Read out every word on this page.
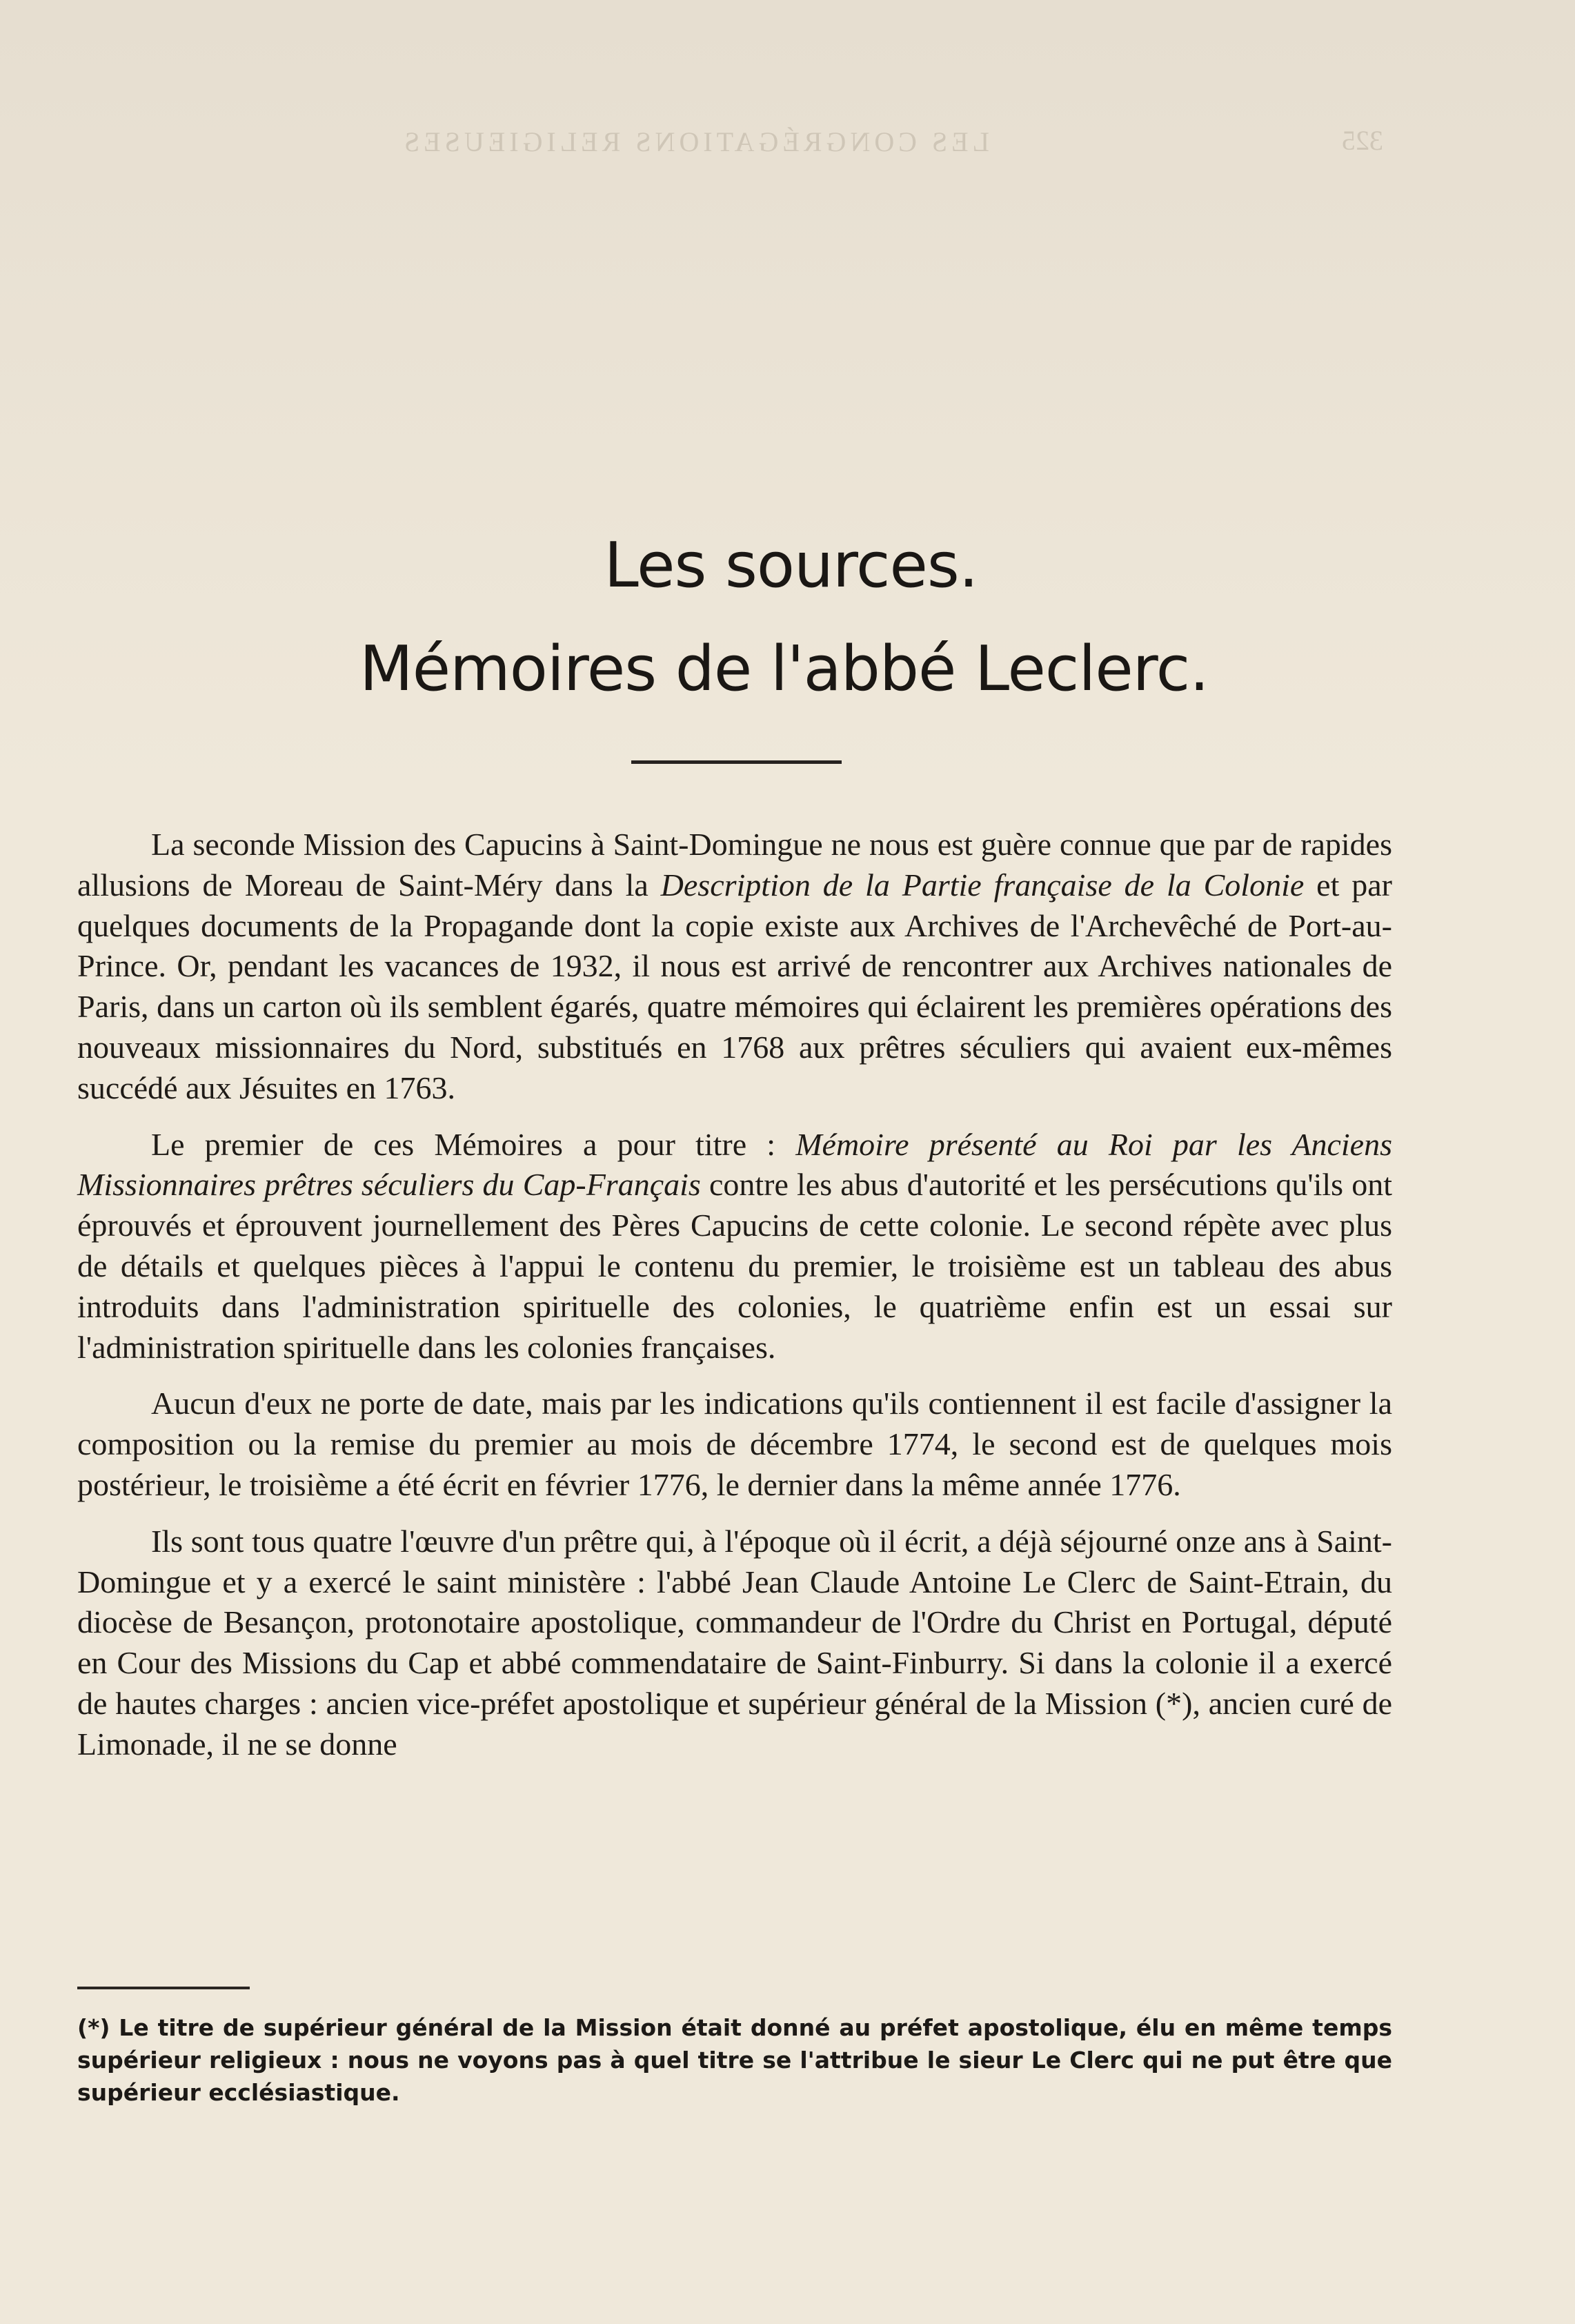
LES CONGRÉGATIONS RELIGIEUSES	325
Les sources.
Mémoires de l'abbé Leclerc.

La seconde Mission des Capucins à Saint-Domingue ne nous est guère connue que par de rapides allusions de Moreau de Saint-Méry dans la Description de la Partie française de la Colonie et par quelques documents de la Propagande dont la copie existe aux Archives de l'Archevêché de Port-au-Prince. Or, pendant les vacances de 1932, il nous est arrivé de rencontrer aux Archives nationales de Paris, dans un carton où ils semblent égarés, quatre mémoires qui éclairent les premières opérations des nouveaux missionnaires du Nord, substitués en 1768 aux prêtres séculiers qui avaient eux-mêmes succédé aux Jésuites en 1763.

Le premier de ces Mémoires a pour titre : Mémoire présenté au Roi par les Anciens Missionnaires prêtres séculiers du Cap-Français contre les abus d'autorité et les persécutions qu'ils ont éprouvés et éprouvent journellement des Pères Capucins de cette colonie. Le second répète avec plus de détails et quelques pièces à l'appui le contenu du premier, le troisième est un tableau des abus introduits dans l'administration spirituelle des colonies, le quatrième enfin est un essai sur l'administration spirituelle dans les colonies françaises.

Aucun d'eux ne porte de date, mais par les indications qu'ils contiennent il est facile d'assigner la composition ou la remise du premier au mois de décembre 1774, le second est de quelques mois postérieur, le troisième a été écrit en février 1776, le dernier dans la même année 1776.

Ils sont tous quatre l'œuvre d'un prêtre qui, à l'époque où il écrit, a déjà séjourné onze ans à Saint-Domingue et y a exercé le saint ministère : l'abbé Jean Claude Antoine Le Clerc de Saint-Etrain, du diocèse de Besançon, protonotaire apostolique, commandeur de l'Ordre du Christ en Portugal, député en Cour des Missions du Cap et abbé commendataire de Saint-Finburry. Si dans la colonie il a exercé de hautes charges : ancien vice-préfet apostolique et supérieur général de la Mission (*), ancien curé de Limonade, il ne se donne

(*) Le titre de supérieur général de la Mission était donné au préfet apostolique, élu en même temps supérieur religieux : nous ne voyons pas à quel titre se l'attribue le sieur Le Clerc qui ne put être que supérieur ecclésiastique.
